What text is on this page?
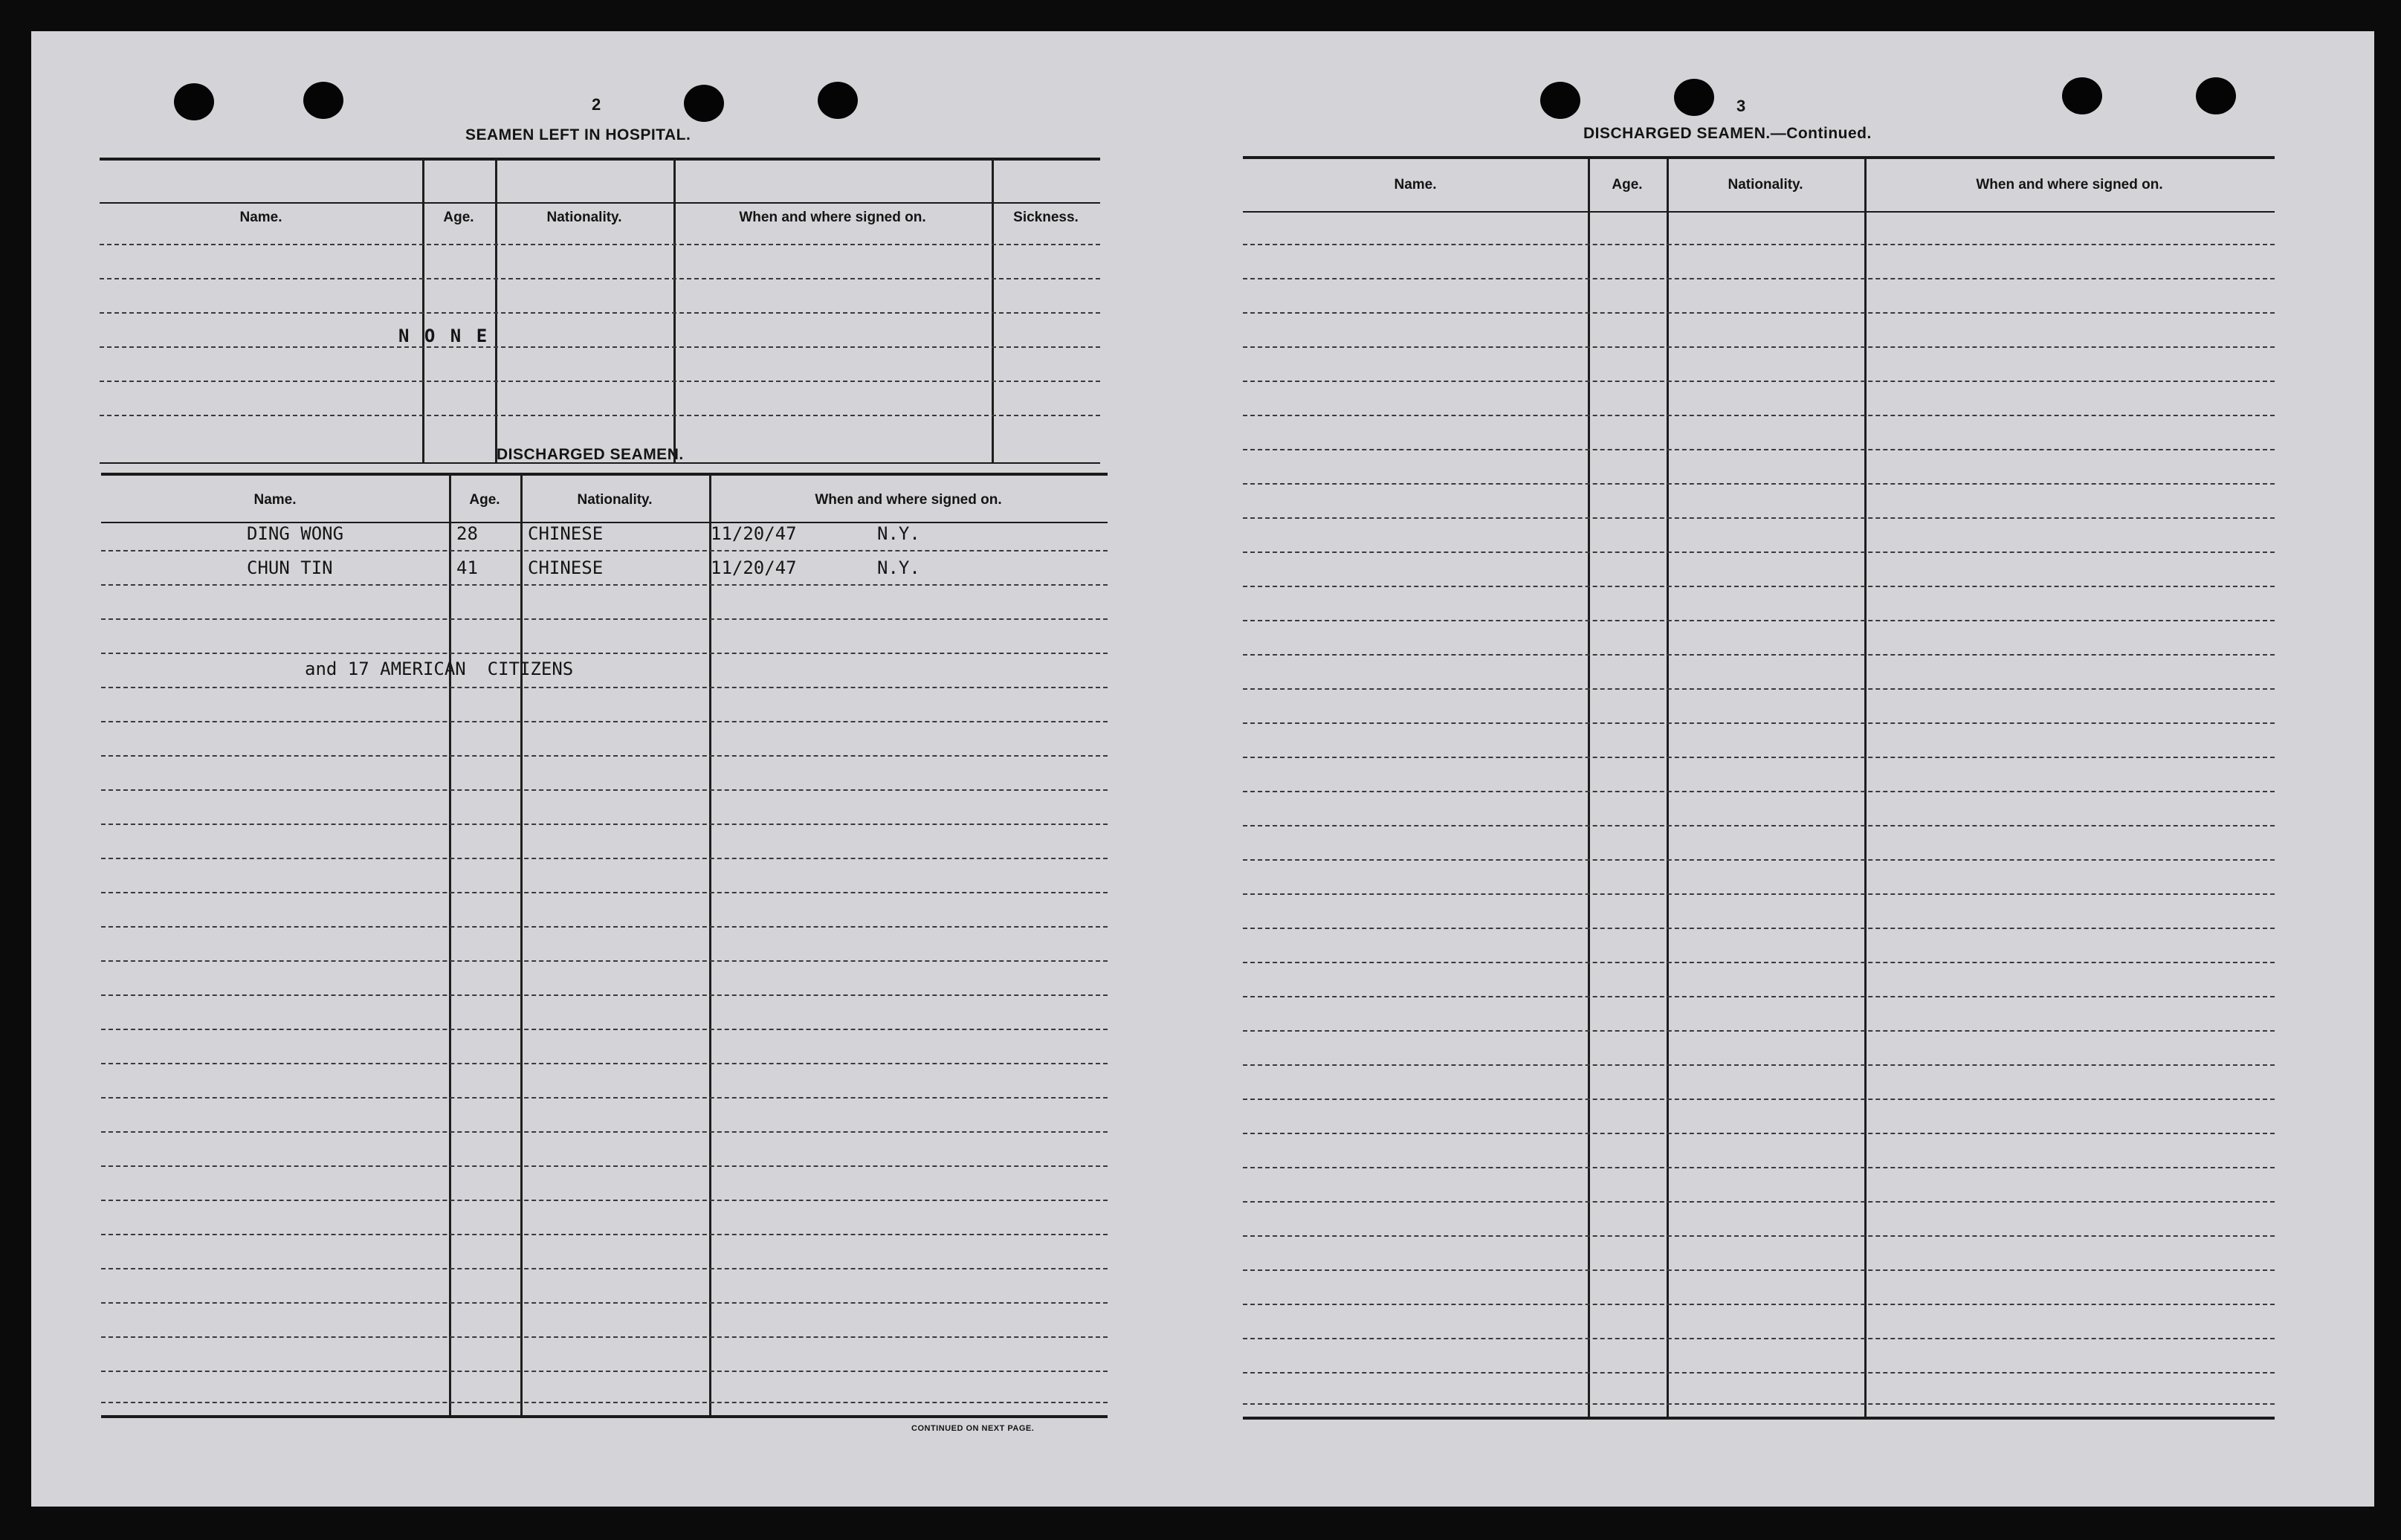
2
SEAMEN LEFT IN HOSPITAL.
Name.	Age.	Nationality.	When and where signed on.	Sickness.
N O N E
DISCHARGED SEAMEN.
Name.	Age.	Nationality.	When and where signed on.
DING WONG	28	CHINESE	11/20/47	N.Y.
CHUN TIN	41	CHINESE	11/20/47	N.Y.
and 17 AMERICAN  CITIZENS
CONTINUED ON NEXT PAGE.
3
DISCHARGED SEAMEN.—Continued.
Name.	Age.	Nationality.	When and where signed on.
